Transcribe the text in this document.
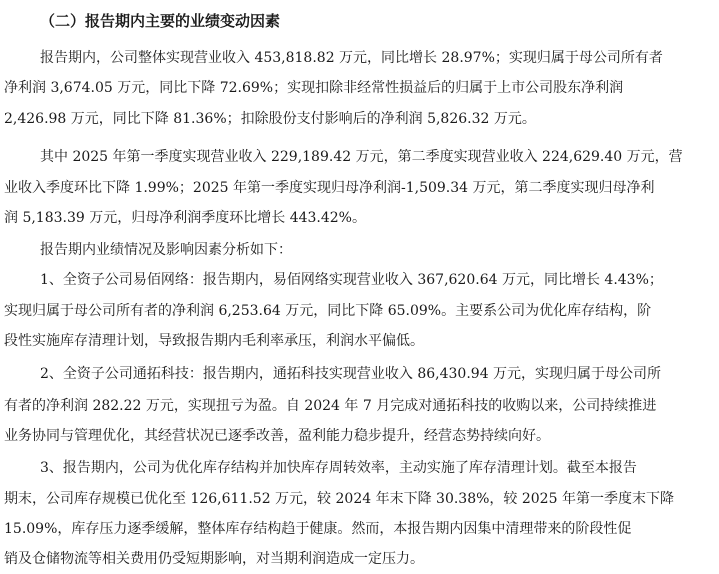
（二）报告期内主要的业绩变动因素
报告期内，公司整体实现营业收入 453,818.82 万元，同比增长 28.97%；实现归属于母公司所有者
净利润 3,674.05 万元，同比下降 72.69%；实现扣除非经常性损益后的归属于上市公司股东净利润
2,426.98 万元，同比下降 81.36%；扣除股份支付影响后的净利润 5,826.32 万元。
其中 2025 年第一季度实现营业收入 229,189.42 万元，第二季度实现营业收入 224,629.40 万元，营
业收入季度环比下降 1.99%；2025 年第一季度实现归母净利润-1,509.34 万元，第二季度实现归母净利
润 5,183.39 万元，归母净利润季度环比增长 443.42%。
报告期内业绩情况及影响因素分析如下：
1、全资子公司易佰网络：报告期内，易佰网络实现营业收入 367,620.64 万元，同比增长 4.43%；
实现归属于母公司所有者的净利润 6,253.64 万元，同比下降 65.09%。主要系公司为优化库存结构，阶
段性实施库存清理计划，导致报告期内毛利率承压，利润水平偏低。
2、全资子公司通拓科技：报告期内，通拓科技实现营业收入 86,430.94 万元，实现归属于母公司所
有者的净利润 282.22 万元，实现扭亏为盈。自 2024 年 7 月完成对通拓科技的收购以来，公司持续推进
业务协同与管理优化，其经营状况已逐季改善，盈利能力稳步提升，经营态势持续向好。
3、报告期内，公司为优化库存结构并加快库存周转效率，主动实施了库存清理计划。截至本报告
期末，公司库存规模已优化至 126,611.52 万元，较 2024 年末下降 30.38%，较 2025 年第一季度末下降
15.09%，库存压力逐季缓解，整体库存结构趋于健康。然而，本报告期内因集中清理带来的阶段性促
销及仓储物流等相关费用仍受短期影响，对当期利润造成一定压力。
